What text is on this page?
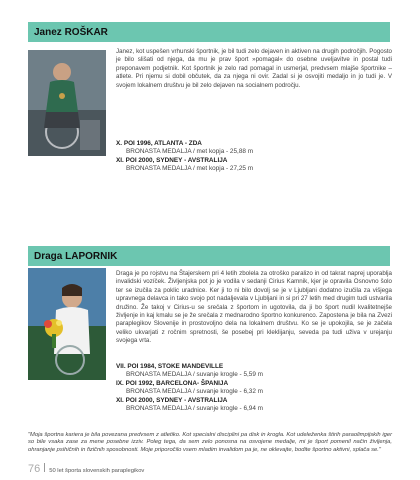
Janez ROŠKAR
Janez, kot uspešen vrhunski športnik, je bil tudi zelo dejaven in aktiven na drugih področjih. Pogosto je bilo slišati od njega, da mu je prav šport »pomagal« do osebne uveljavitve in postal tudi preponavem podjetnik. Kot športnik je zelo rad pomagal in usmerjal, predvsem mlajše športnike – atlete. Pri njemu si dobil občutek, da za njega ni ovir. Zadal si je osvojiti medaljo in jo tudi je. V svojem lokalnem društvu je bil zelo dejaven na socialnem področju.
X. POI 1996, ATLANTA - ZDA
BRONASTA MEDALJA / met kopja - 25,88 m
XI. POI 2000, SYDNEY - AVSTRALIJA
BRONASTA MEDALJA / met kopja - 27,25 m
Draga LAPORNIK
Draga je po rojstvu na Štajerskem pri 4 letih zbolela za otroško paralizo in od takrat naprej uporablja invalidski vozíček. Življenjska pot jo je vodila v sedanji Cirius Kamnik, kjer je opravila Osnovno šolo ter se izučila za poklic uradnice. Ker ji to ni bilo dovolj se je v Ljubljani dodatno izučila za višjega upravnega delavca in tako svojo pot nadaljevala v Ljubljani in si pri 27 letih med drugim tudi ustvarila družino. Že takoj v Cirius-u se srečala z športom in ugotovila, da ji bo šport nudil kvalitetnejše življenje in kaj kmalu se je že srečala z mednarodno športno konkurenco. Zapostena je bila na Zvezi paraplegikov Slovenije in prostovoljno dela na lokalnem društvu. Ko se je upokojila, se je začela veliko ukvarjati z ročnim spretnosti, še posebej pri kleklijanju, seveda pa tudi uživa v urejanju svojega vrta.
VII. POI 1984, STOKE MANDEVILLE
BRONASTA MEDALJA / suvanje krogle - 5,59 m
IX. POI 1992, BARCELONA- ŠPANIJA
BRONASTA MEDALJA / suvanje krogle - 6,32 m
XI. POI 2000, SYDNEY - AVSTRALIJA
BRONASTA MEDALJA / suvanje krogle - 6,94 m
"Moja športna kariera je bila povezana predvsem z atletiko. Kot specialni disciplini pa disk in krogla. Kot udeleženka štirih paraolimpijskih iger so bile vsaka zase za mene posebne izziv. Poleg tega, da sem zelo ponosna na osvojene medalje, mi je šport pomenil način življenja, ohranjanje psihičnih in fizičnih sposobnosti. Moje priporočilo vsem mladim invalidom pa je, ne oklevajte, bodite športno aktivni, splača se."
76 50 let športa slovenskih paraplegikov
